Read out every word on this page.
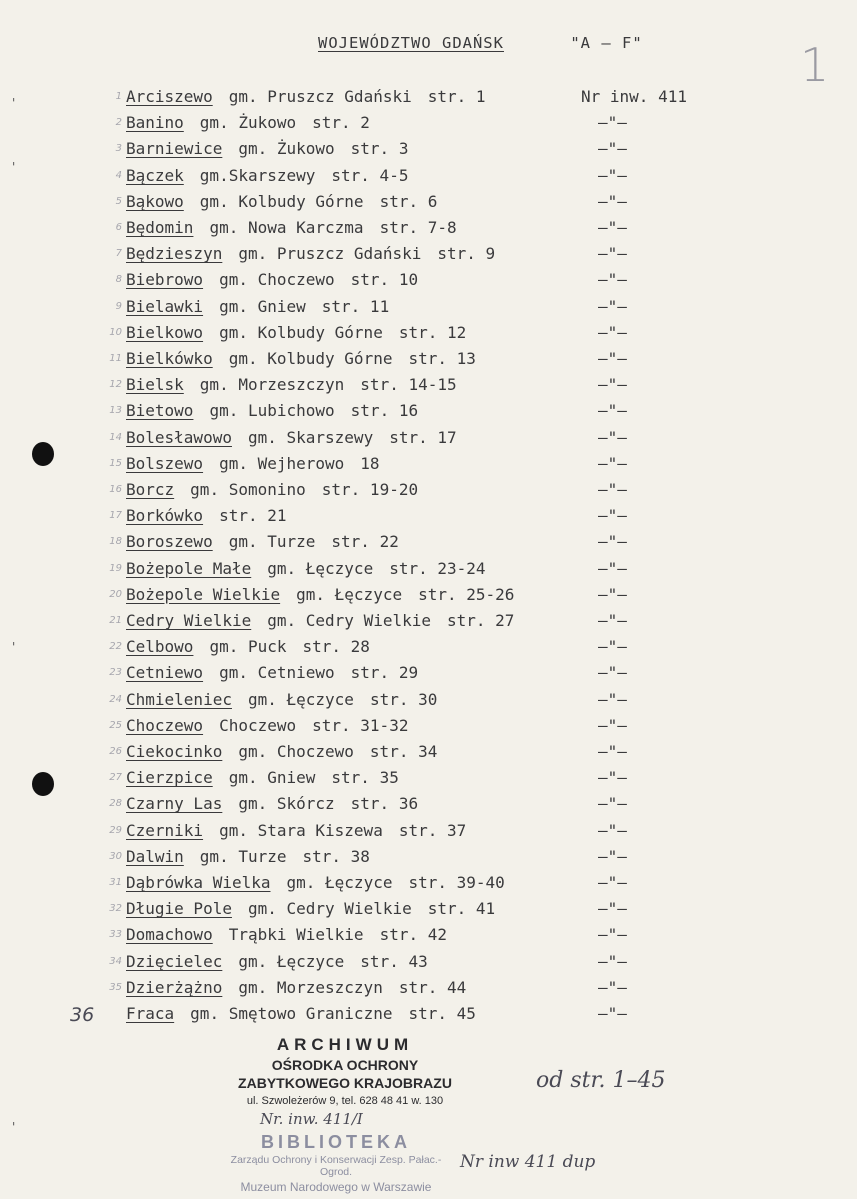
WOJEWÓDZTWO GDAŃSK	"A – F"	1
1 Arciszewo gm. Pruszcz Gdański str. 1	Nr inw. 411
2 Banino gm. Żukowo str. 2	–"–
3 Barniewice gm. Żukowo str. 3	–"–
4 Bączek gm.Skarszewy str. 4-5	–"–
5 Bąkowo gm. Kolbudy Górne str. 6	–"–
6 Będomin gm. Nowa Karczma str. 7-8	–"–
7 Będzieszyn gm. Pruszcz Gdański str. 9	–"–
8 Biebrowo gm. Choczewo str. 10	–"–
9 Bielawki gm. Gniew str. 11	–"–
10 Bielkowo gm. Kolbudy Górne str. 12	–"–
11 Bielkówko gm. Kolbudy Górne str. 13	–"–
12 Bielsk gm. Morzeszczyn str. 14-15	–"–
13 Bietowo gm. Lubichowo str. 16	–"–
14 Bolesławowo gm. Skarszewy str. 17	–"–
15 Bolszewo gm. Wejherowo 18	–"–
16 Borcz gm. Somonino str. 19-20	–"–
17 Borkówko str. 21	–"–
18 Boroszewo gm. Turze str. 22	–"–
19 Bożepole Małe gm. Łęczyce str. 23-24	–"–
20 Bożepole Wielkie gm. Łęczyce str. 25-26	–"–
21 Cedry Wielkie gm. Cedry Wielkie str. 27	–"–
22 Celbowo gm. Puck str. 28	–"–
23 Cetniewo gm. Cetniewo str. 29	–"–
24 Chmieleniec gm. Łęczyce str. 30	–"–
25 Choczewo Choczewo str. 31-32	–"–
26 Ciekocinko gm. Choczewo str. 34	–"–
27 Cierzpice gm. Gniew str. 35	–"–
28 Czarny Las gm. Skórcz str. 36	–"–
29 Czerniki gm. Stara Kiszewa str. 37	–"–
30 Dalwin gm. Turze str. 38	–"–
31 Dąbrówka Wielka gm. Łęczyce str. 39-40	–"–
32 Długie Pole gm. Cedry Wielkie str. 41	–"–
33 Domachowo Trąbki Wielkie str. 42	–"–
34 Dzięcielec gm. Łęczyce str. 43	–"–
35 Dzierżążno gm. Morzeszczyn str. 44	–"–
Fraca gm. Smętowo Graniczne str. 45	–"–
36
ARCHIWUM
OŚRODKA OCHRONY
ZABYTKOWEGO KRAJOBRAZU
ul. Szwoleżerów 9, tel. 628 48 41 w. 130
od str. 1–45
Nr. inw. 411/I
Nr inw 411 dup
BIBLIOTEKA
Zarządu Ochrony i Konserwacji Zesp. Pałac.-Ogrod.
Muzeum Narodowego w Warszawie
'
'
'
'
